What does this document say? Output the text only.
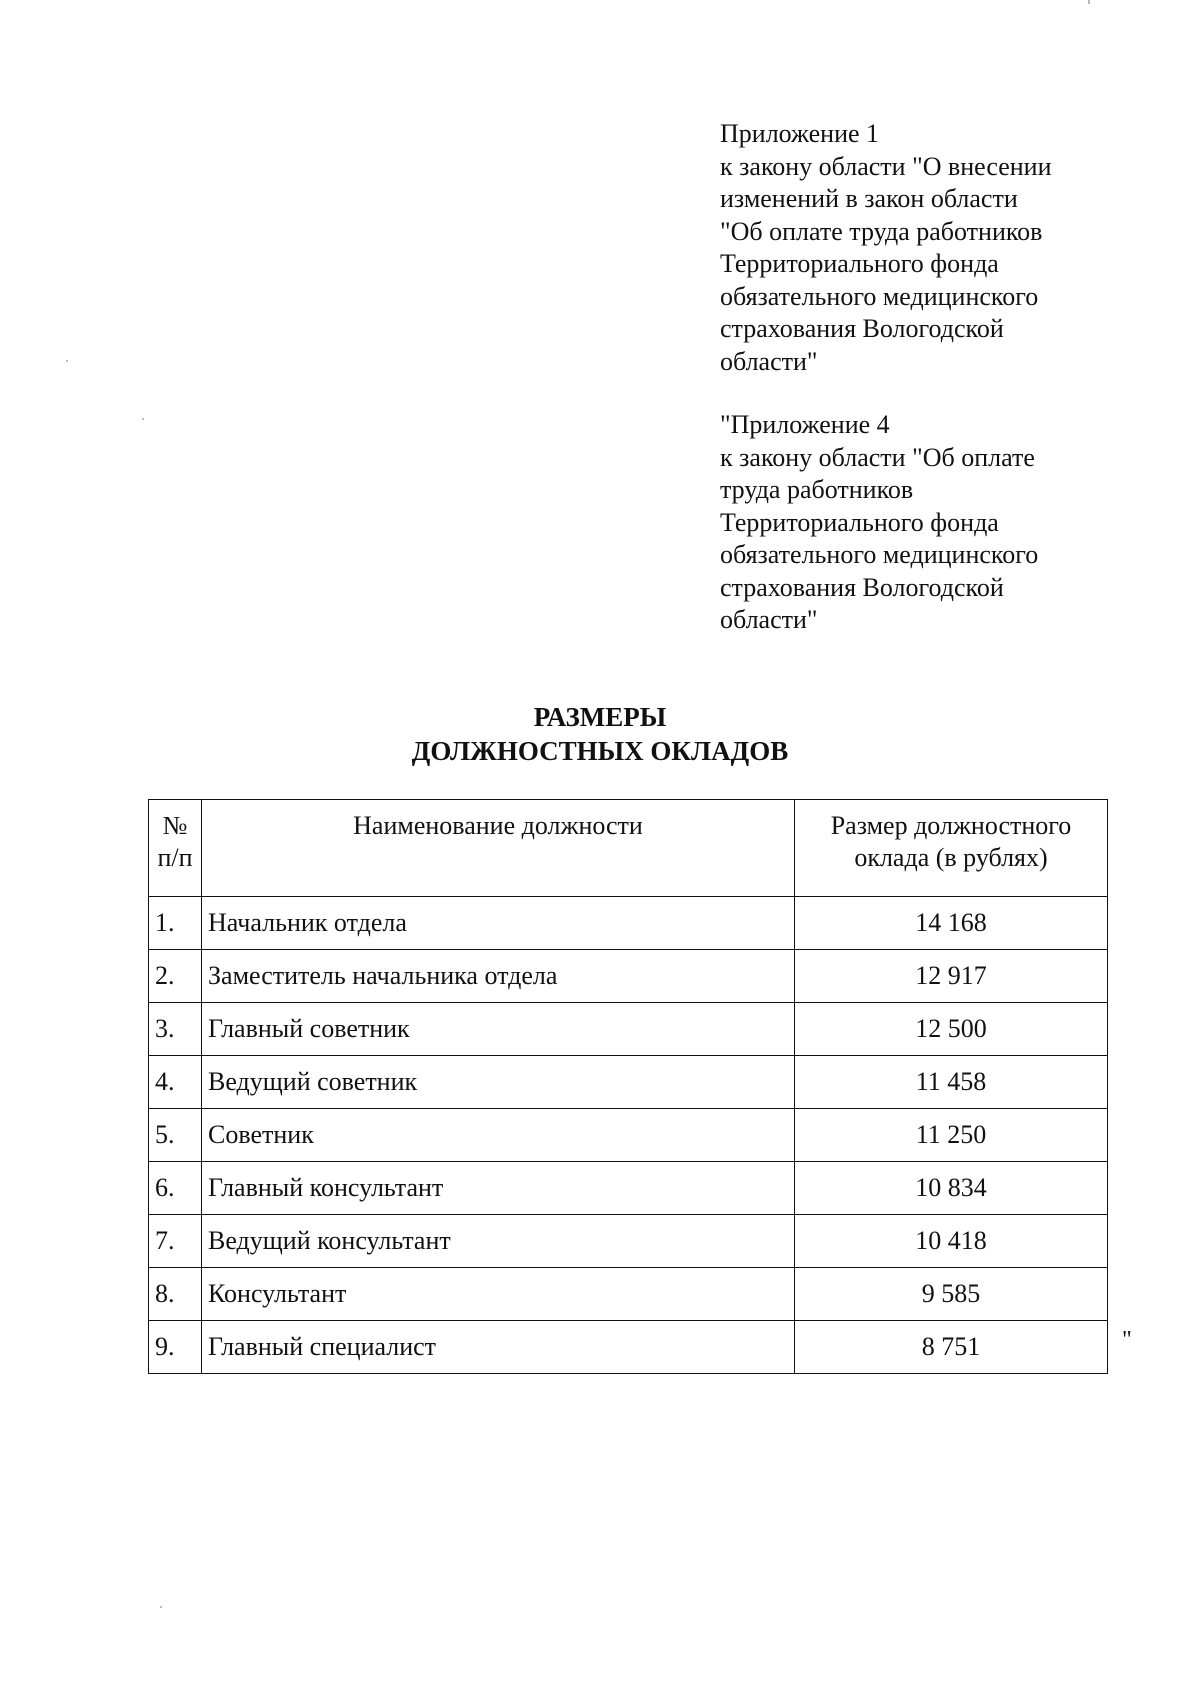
Приложение 1
к закону области "О внесении
изменений в закон области
"Об оплате труда работников
Территориального фонда
обязательного медицинского
страхования Вологодской
области"
"Приложение 4
к закону области "Об оплате
труда работников
Территориального фонда
обязательного медицинского
страхования Вологодской
области"
РАЗМЕРЫ
ДОЛЖНОСТНЫХ ОКЛАДОВ
№ п/п	Наименование должности	Размер должностного оклада (в рублях)
1.	Начальник отдела	14 168
2.	Заместитель начальника отдела	12 917
3.	Главный советник	12 500
4.	Ведущий советник	11 458
5.	Советник	11 250
6.	Главный консультант	10 834
7.	Ведущий консультант	10 418
8.	Консультант	9 585
9.	Главный специалист	8 751	"
